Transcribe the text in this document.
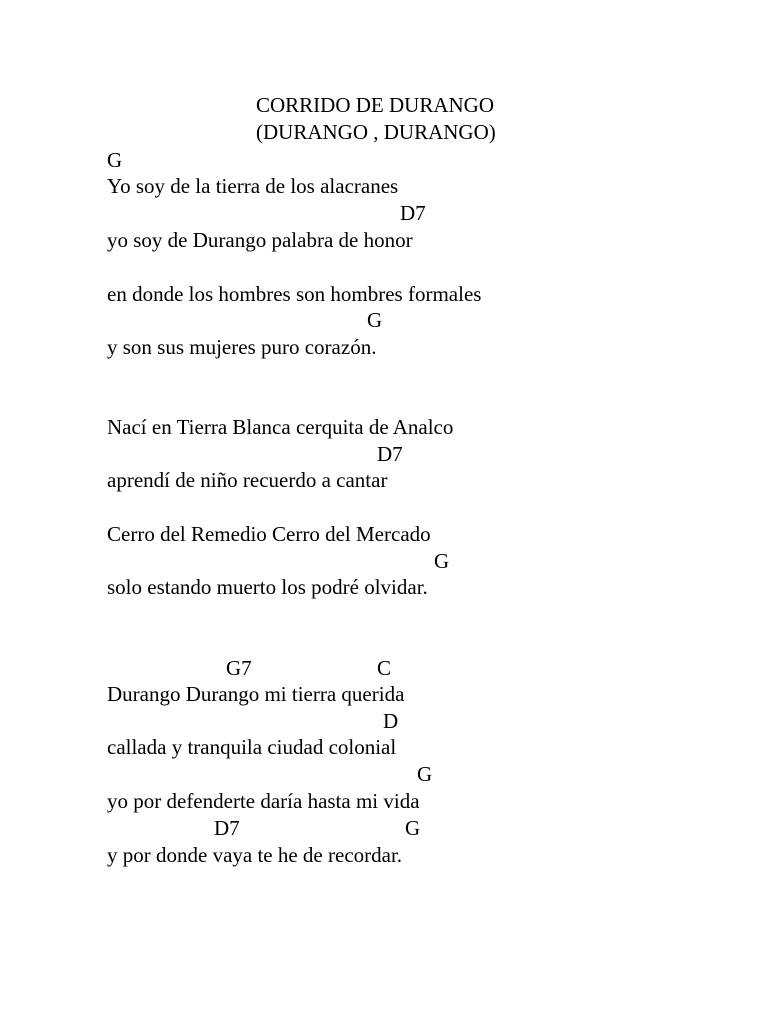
CORRIDO DE DURANGO
(DURANGO , DURANGO)
G
Yo soy de la tierra de los alacranes
D7
yo soy de Durango palabra de honor
en donde los hombres son hombres formales
G
y son sus mujeres puro corazón.
Nací en Tierra Blanca cerquita de Analco
D7
aprendí de niño recuerdo a cantar
Cerro del Remedio Cerro del Mercado
G
solo estando muerto los podré olvidar.
G7	C
Durango Durango mi tierra querida
D
callada y tranquila ciudad colonial
G
yo por defenderte daría hasta mi vida
D7	G
y por donde vaya te he de recordar.
